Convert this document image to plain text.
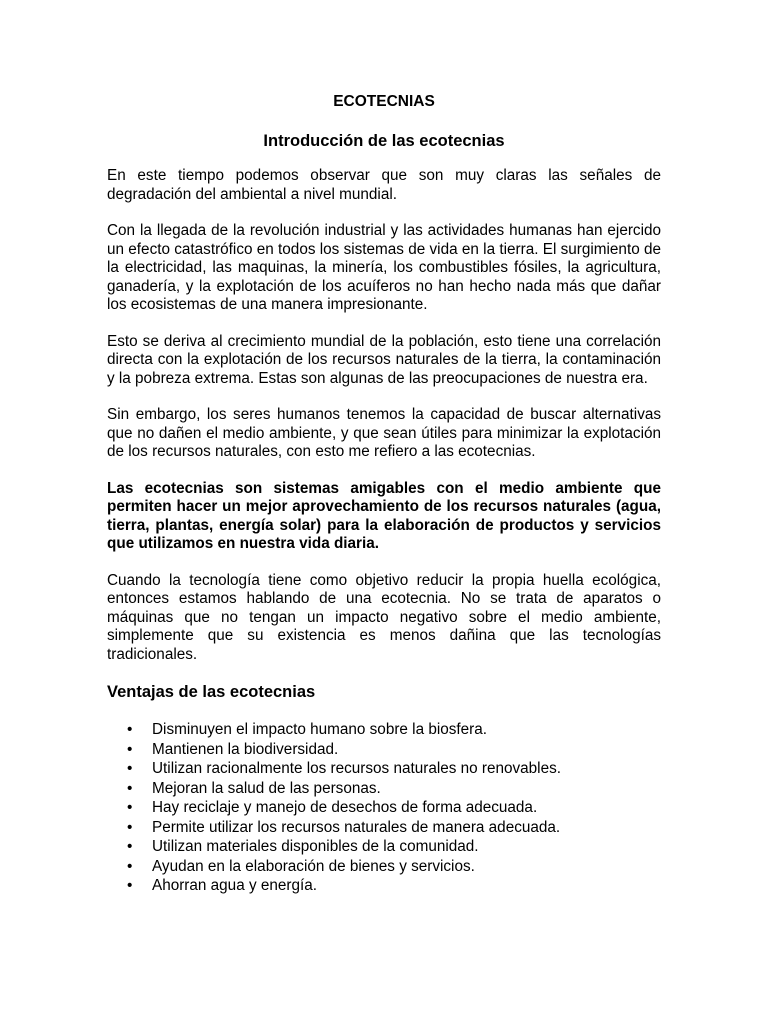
ECOTECNIAS
Introducción de las ecotecnias

En este tiempo podemos observar que son muy claras las señales de degradación del ambiental a nivel mundial.

Con la llegada de la revolución industrial y las actividades humanas han ejercido un efecto catastrófico en todos los sistemas de vida en la tierra. El surgimiento de la electricidad, las maquinas, la minería, los combustibles fósiles, la agricultura, ganadería, y la explotación de los acuíferos no han hecho nada más que dañar los ecosistemas de una manera impresionante.

Esto se deriva al crecimiento mundial de la población, esto tiene una correlación directa con la explotación de los recursos naturales de la tierra, la contaminación y la pobreza extrema. Estas son algunas de las preocupaciones de nuestra era.

Sin embargo, los seres humanos tenemos la capacidad de buscar alternativas que no dañen el medio ambiente, y que sean útiles para minimizar la explotación de los recursos naturales, con esto me refiero a las ecotecnias.

Las ecotecnias son sistemas amigables con el medio ambiente que permiten hacer un mejor aprovechamiento de los recursos naturales (agua, tierra, plantas, energía solar) para la elaboración de productos y servicios que utilizamos en nuestra vida diaria.

Cuando la tecnología tiene como objetivo reducir la propia huella ecológica, entonces estamos hablando de una ecotecnia. No se trata de aparatos o máquinas que no tengan un impacto negativo sobre el medio ambiente, simplemente que su existencia es menos dañina que las tecnologías tradicionales.

Ventajas de las ecotecnias
•	Disminuyen el impacto humano sobre la biosfera.
•	Mantienen la biodiversidad.
•	Utilizan racionalmente los recursos naturales no renovables.
•	Mejoran la salud de las personas.
•	Hay reciclaje y manejo de desechos de forma adecuada.
•	Permite utilizar los recursos naturales de manera adecuada.
•	Utilizan materiales disponibles de la comunidad.
•	Ayudan en la elaboración de bienes y servicios.
•	Ahorran agua y energía.
